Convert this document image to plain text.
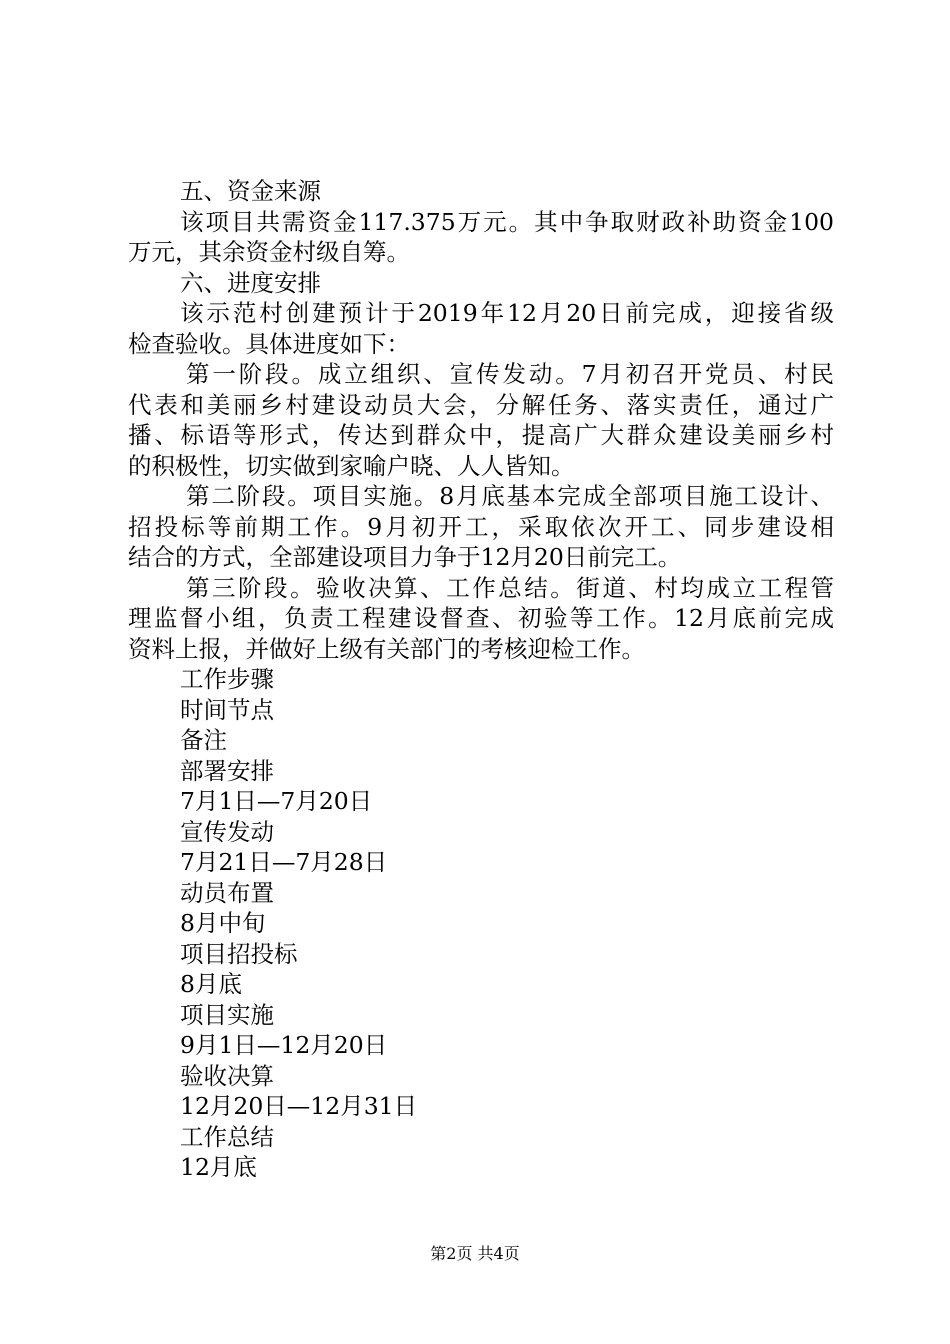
五、资金来源
该项目共需资金117.375万元。其中争取财政补助资金100
万元，其余资金村级自筹。
六、进度安排
该示范村创建预计于2019年12月20日前完成，迎接省级
检查验收。具体进度如下：
第一阶段。成立组织、宣传发动。7月初召开党员、村民
代表和美丽乡村建设动员大会，分解任务、落实责任，通过广
播、标语等形式，传达到群众中，提高广大群众建设美丽乡村
的积极性，切实做到家喻户晓、人人皆知。
第二阶段。项目实施。8月底基本完成全部项目施工设计、
招投标等前期工作。9月初开工，采取依次开工、同步建设相
结合的方式，全部建设项目力争于12月20日前完工。
第三阶段。验收决算、工作总结。街道、村均成立工程管
理监督小组，负责工程建设督查、初验等工作。12月底前完成
资料上报，并做好上级有关部门的考核迎检工作。
工作步骤
时间节点
备注
部署安排
7月1日—7月20日
宣传发动
7月21日—7月28日
动员布置
8月中旬
项目招投标
8月底
项目实施
9月1日—12月20日
验收决算
12月20日—12月31日
工作总结
12月底
第2页 共4页
